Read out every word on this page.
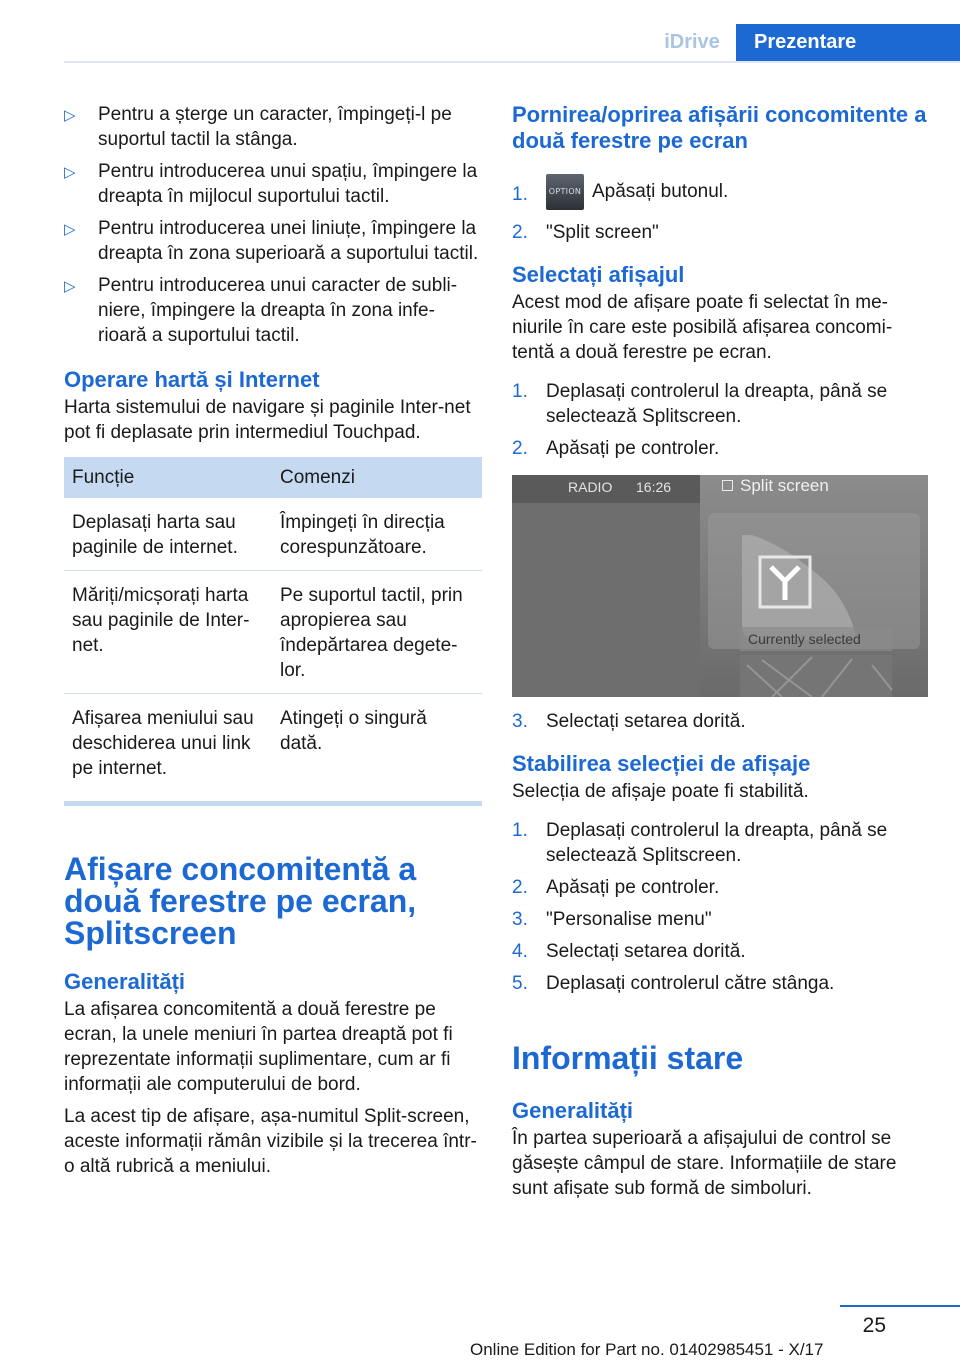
iDrive	Prezentare
▷ Pentru a șterge un caracter, împingeți-l pe suportul tactil la stânga.
▷ Pentru introducerea unui spațiu, împingere la dreapta în mijlocul suportului tactil.
▷ Pentru introducerea unei liniuțe, împingere la dreapta în zona superioară a suportului tactil.
▷ Pentru introducerea unui caracter de subli-niere, împingere la dreapta în zona infe-rioară a suportului tactil.
Operare hartă și Internet
Harta sistemului de navigare și paginile Inter-net pot fi deplasate prin intermediul Touchpad.
Funcție	Comenzi
Deplasați harta sau paginile de internet.	Împingeți în direcția corespunzătoare.
Măriți/micșorați harta sau paginile de Inter-net.	Pe suportul tactil, prin apropierea sau îndepărtarea degete-lor.
Afișarea meniului sau deschiderea unui link pe internet.	Atingeți o singură dată.
Afișare concomitentă a două ferestre pe ecran, Splitscreen
Generalități
La afișarea concomitentă a două ferestre pe ecran, la unele meniuri în partea dreaptă pot fi reprezentate informații suplimentare, cum ar fi informații ale computerului de bord.
La acest tip de afișare, așa-numitul Split-screen, aceste informații rămân vizibile și la trecerea într-o altă rubrică a meniului.
Pornirea/oprirea afișării concomitente a două ferestre pe ecran
1.	OPTION Apăsați butonul.
2. "Split screen"
Selectați afișajul
Acest mod de afișare poate fi selectat în me-niurile în care este posibilă afișarea concomi-tentă a două ferestre pe ecran.
1. Deplasați controlerul la dreapta, până se selectează Splitscreen.
2. Apăsați pe controler.
RADIO 16:26	Split screen
Currently selected
3. Selectați setarea dorită.
Stabilirea selecției de afișaje
Selecția de afișaje poate fi stabilită.
1. Deplasați controlerul la dreapta, până se selectează Splitscreen.
2. Apăsați pe controler.
3. "Personalise menu"
4. Selectați setarea dorită.
5. Deplasați controlerul către stânga.
Informații stare
Generalități
În partea superioară a afișajului de control se găsește câmpul de stare. Informațiile de stare sunt afișate sub formă de simboluri.
25
Online Edition for Part no. 01402985451 - X/17
